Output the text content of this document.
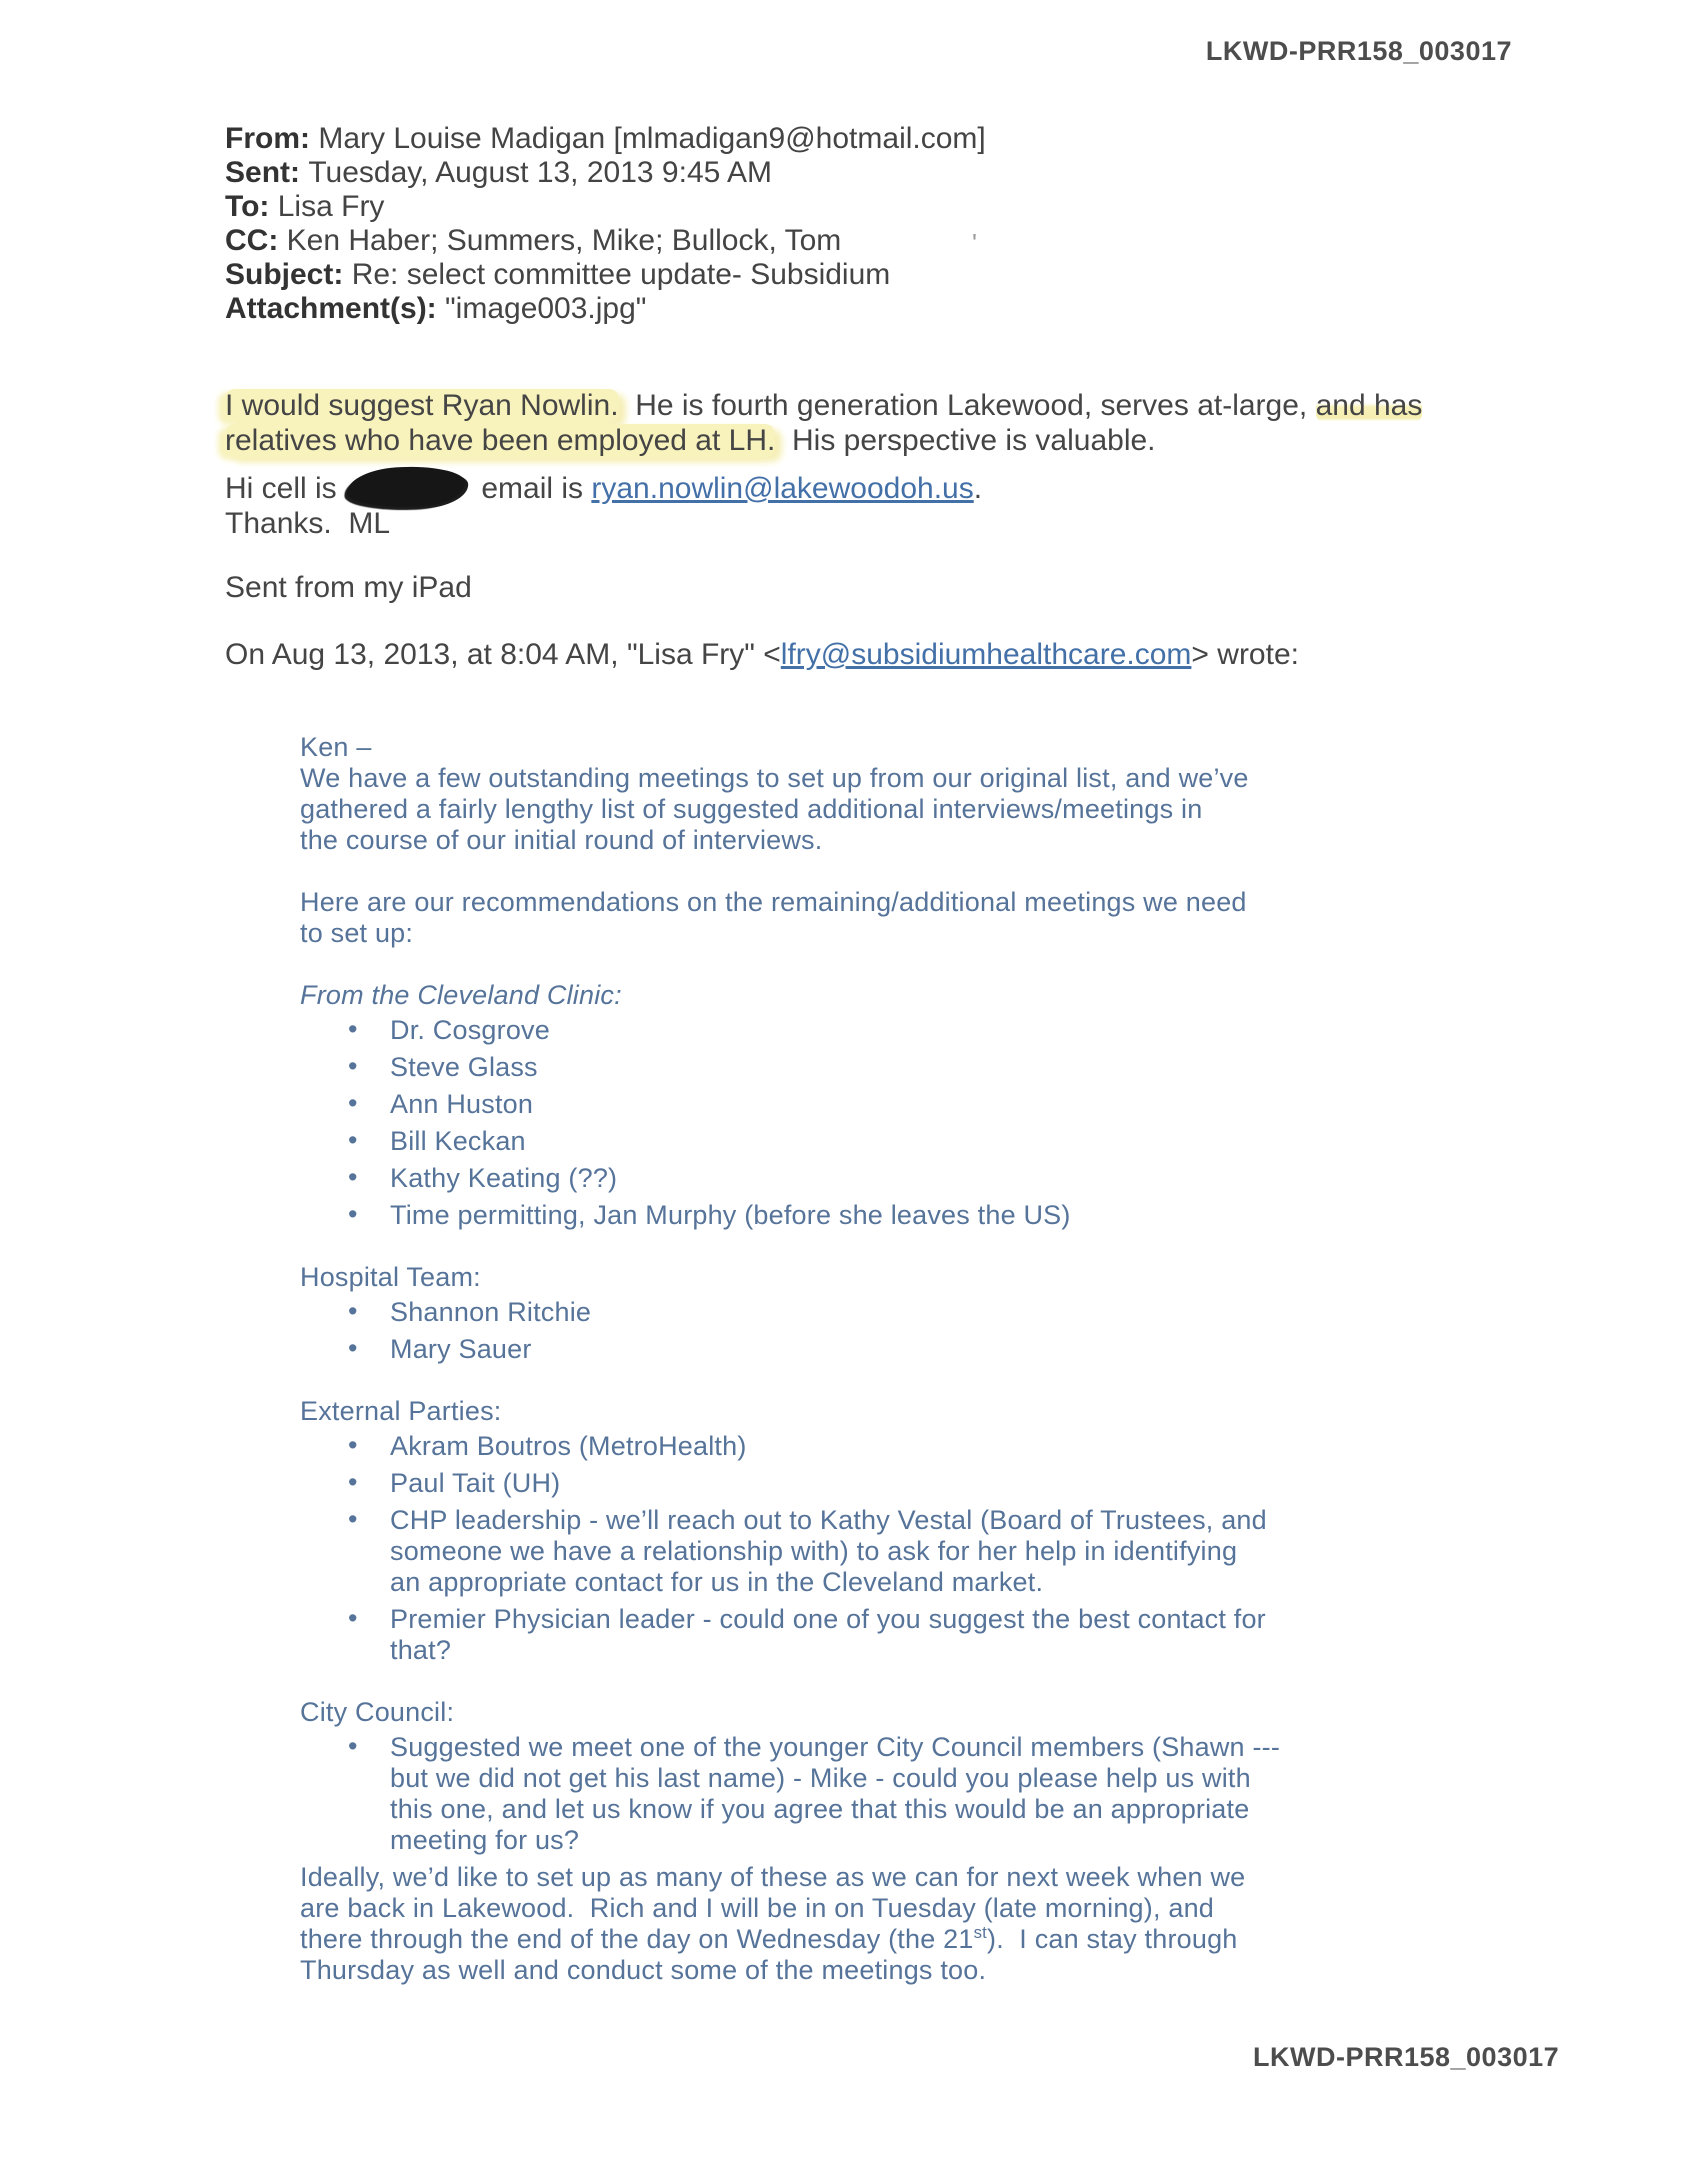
LKWD-PRR158_003017
LKWD-PRR158_003017
'
From: Mary Louise Madigan [mlmadigan9@hotmail.com]
Sent: Tuesday, August 13, 2013 9:45 AM
To: Lisa Fry
CC: Ken Haber; Summers, Mike; Bullock, Tom
Subject: Re: select committee update- Subsidium
Attachment(s): "image003.jpg"
I would suggest Ryan Nowlin.  He is fourth generation Lakewood, serves at-large, and has
relatives who have been employed at LH.  His perspective is valuable.
Hi cell is	email is ryan.nowlin@lakewoodoh.us.
Thanks.  ML
Sent from my iPad
On Aug 13, 2013, at 8:04 AM, "Lisa Fry" <lfry@subsidiumhealthcare.com> wrote:
Ken –

We have a few outstanding meetings to set up from our original list, and we’ve
gathered a fairly lengthy list of suggested additional interviews/meetings in
the course of our initial round of interviews.

Here are our recommendations on the remaining/additional meetings we need
to set up:

From the Cleveland Clinic:
• Dr. Cosgrove
• Steve Glass
• Ann Huston
• Bill Keckan
• Kathy Keating (??)
• Time permitting, Jan Murphy (before she leaves the US)
Hospital Team:
• Shannon Ritchie
• Mary Sauer
External Parties:
• Akram Boutros (MetroHealth)
• Paul Tait (UH)
• CHP leadership - we’ll reach out to Kathy Vestal (Board of Trustees, and
someone we have a relationship with) to ask for her help in identifying
an appropriate contact for us in the Cleveland market.
• Premier Physician leader - could one of you suggest the best contact for
that?
City Council:
• Suggested we meet one of the younger City Council members (Shawn ---
but we did not get his last name) - Mike - could you please help us with
this one, and let us know if you agree that this would be an appropriate
meeting for us?

Ideally, we’d like to set up as many of these as we can for next week when we
are back in Lakewood.  Rich and I will be in on Tuesday (late morning), and
there through the end of the day on Wednesday (the 21st).  I can stay through
Thursday as well and conduct some of the meetings too.
